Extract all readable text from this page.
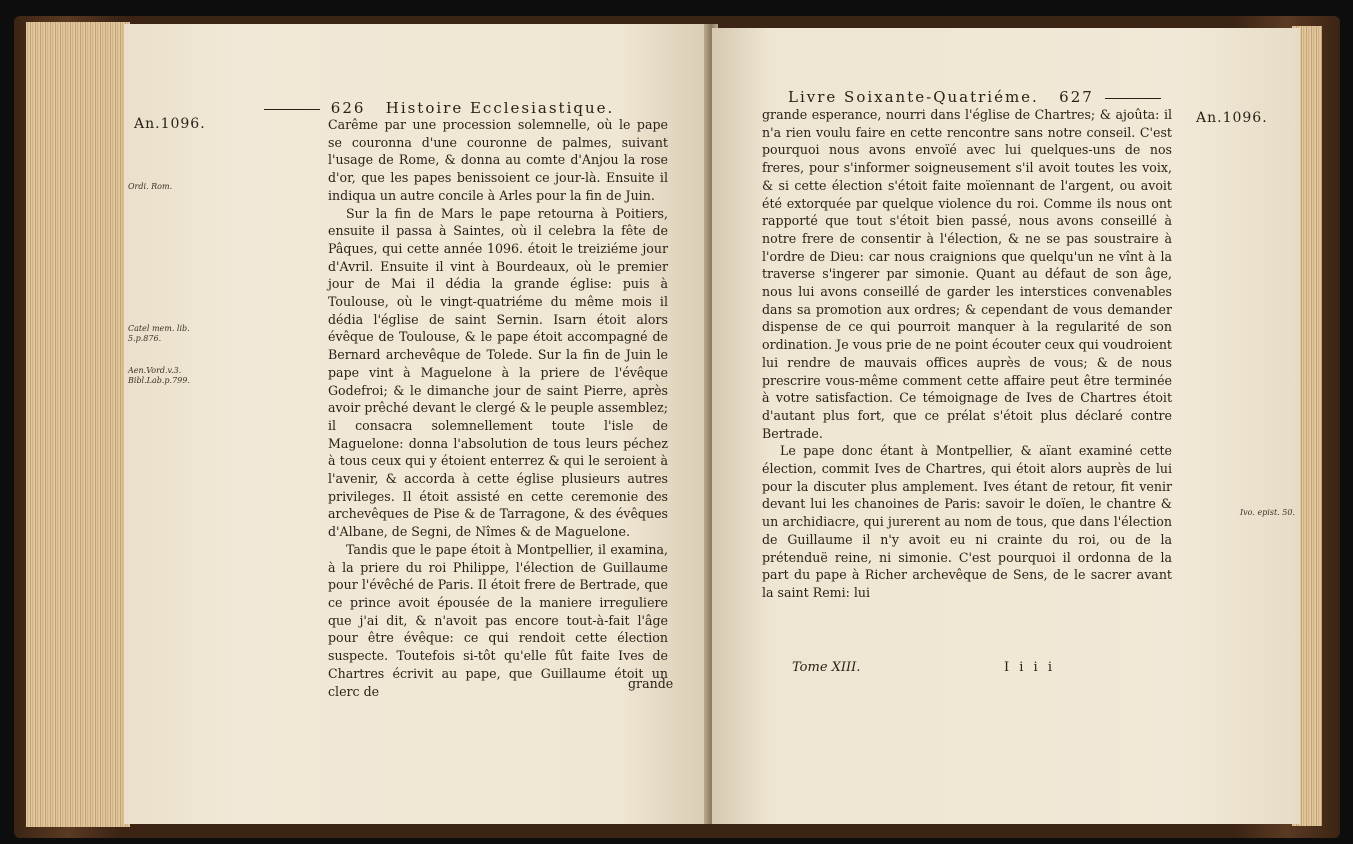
626 Histoire Ecclesiastique.
An.1096.
Ordi. Rom.
Catel mem. lib.
5.p.876.
Aen.Vord.v.3.
Bibl.Lab.p.799.

Carême par une procession solemnelle, où le pape se couronna d'une couronne de palmes, suivant l'usage de Rome, & donna au comte d'Anjou la rose d'or, que les papes benissoient ce jour-là. Ensuite il indiqua un autre concile à Arles pour la fin de Juin.

Sur la fin de Mars le pape retourna à Poitiers, ensuite il passa à Saintes, où il celebra la fête de Pâques, qui cette année 1096. étoit le treiziéme jour d'Avril. Ensuite il vint à Bourdeaux, où le premier jour de Mai il dédia la grande église: puis à Toulouse, où le vingt-quatriéme du même mois il dédia l'église de saint Sernin. Isarn étoit alors évêque de Toulouse, & le pape étoit accompagné de Bernard archevêque de Tolede. Sur la fin de Juin le pape vint à Maguelone à la priere de l'évêque Godefroi; & le dimanche jour de saint Pierre, après avoir prêché devant le clergé & le peuple assemblez; il consacra solemnellement toute l'isle de Maguelone: donna l'absolution de tous leurs péchez à tous ceux qui y étoient enterrez & qui le seroient à l'avenir, & accorda à cette église plusieurs autres privileges. Il étoit assisté en cette ceremonie des archevêques de Pise & de Tarragone, & des évêques d'Albane, de Segni, de Nîmes & de Maguelone.

Tandis que le pape étoit à Montpellier, il examina, à la priere du roi Philippe, l'élection de Guillaume pour l'évêché de Paris. Il étoit frere de Bertrade, que ce prince avoit épousée de la maniere irreguliere que j'ai dit, & n'avoit pas encore tout-à-fait l'âge pour être évêque: ce qui rendoit cette élection suspecte. Toutefois si-tôt qu'elle fût faite Ives de Chartres écrivit au pape, que Guillaume étoit un clerc de	grande
Livre Soixante-Quatriéme. 627
An.1096.
Ivo. epist. 50.

grande esperance, nourri dans l'église de Chartres; & ajoûta: il n'a rien voulu faire en cette rencontre sans notre conseil. C'est pourquoi nous avons envoïé avec lui quelques-uns de nos freres, pour s'informer soigneusement s'il avoit toutes les voix, & si cette élection s'étoit faite moïennant de l'argent, ou avoit été extorquée par quelque violence du roi. Comme ils nous ont rapporté que tout s'étoit bien passé, nous avons conseillé à notre frere de consentir à l'élection, & ne se pas soustraire à l'ordre de Dieu: car nous craignions que quelqu'un ne vînt à la traverse s'ingerer par simonie. Quant au défaut de son âge, nous lui avons conseillé de garder les interstices convenables dans sa promotion aux ordres; & cependant de vous demander dispense de ce qui pourroit manquer à la regularité de son ordination. Je vous prie de ne point écouter ceux qui voudroient lui rendre de mauvais offices auprès de vous; & de nous prescrire vous-même comment cette affaire peut être terminée à votre satisfaction. Ce témoignage de Ives de Chartres étoit d'autant plus fort, que ce prélat s'étoit plus déclaré contre Bertrade.

Le pape donc étant à Montpellier, & aïant examiné cette élection, commit Ives de Chartres, qui étoit alors auprès de lui pour la discuter plus amplement. Ives étant de retour, fit venir devant lui les chanoines de Paris: savoir le doïen, le chantre & un archidiacre, qui jurerent au nom de tous, que dans l'élection de Guillaume il n'y avoit eu ni crainte du roi, ou de la prétenduë reine, ni simonie. C'est pourquoi il ordonna de la part du pape à Richer archevêque de Sens, de le sacrer avant la saint Remi: lui

Tome XIII.	I i i i
